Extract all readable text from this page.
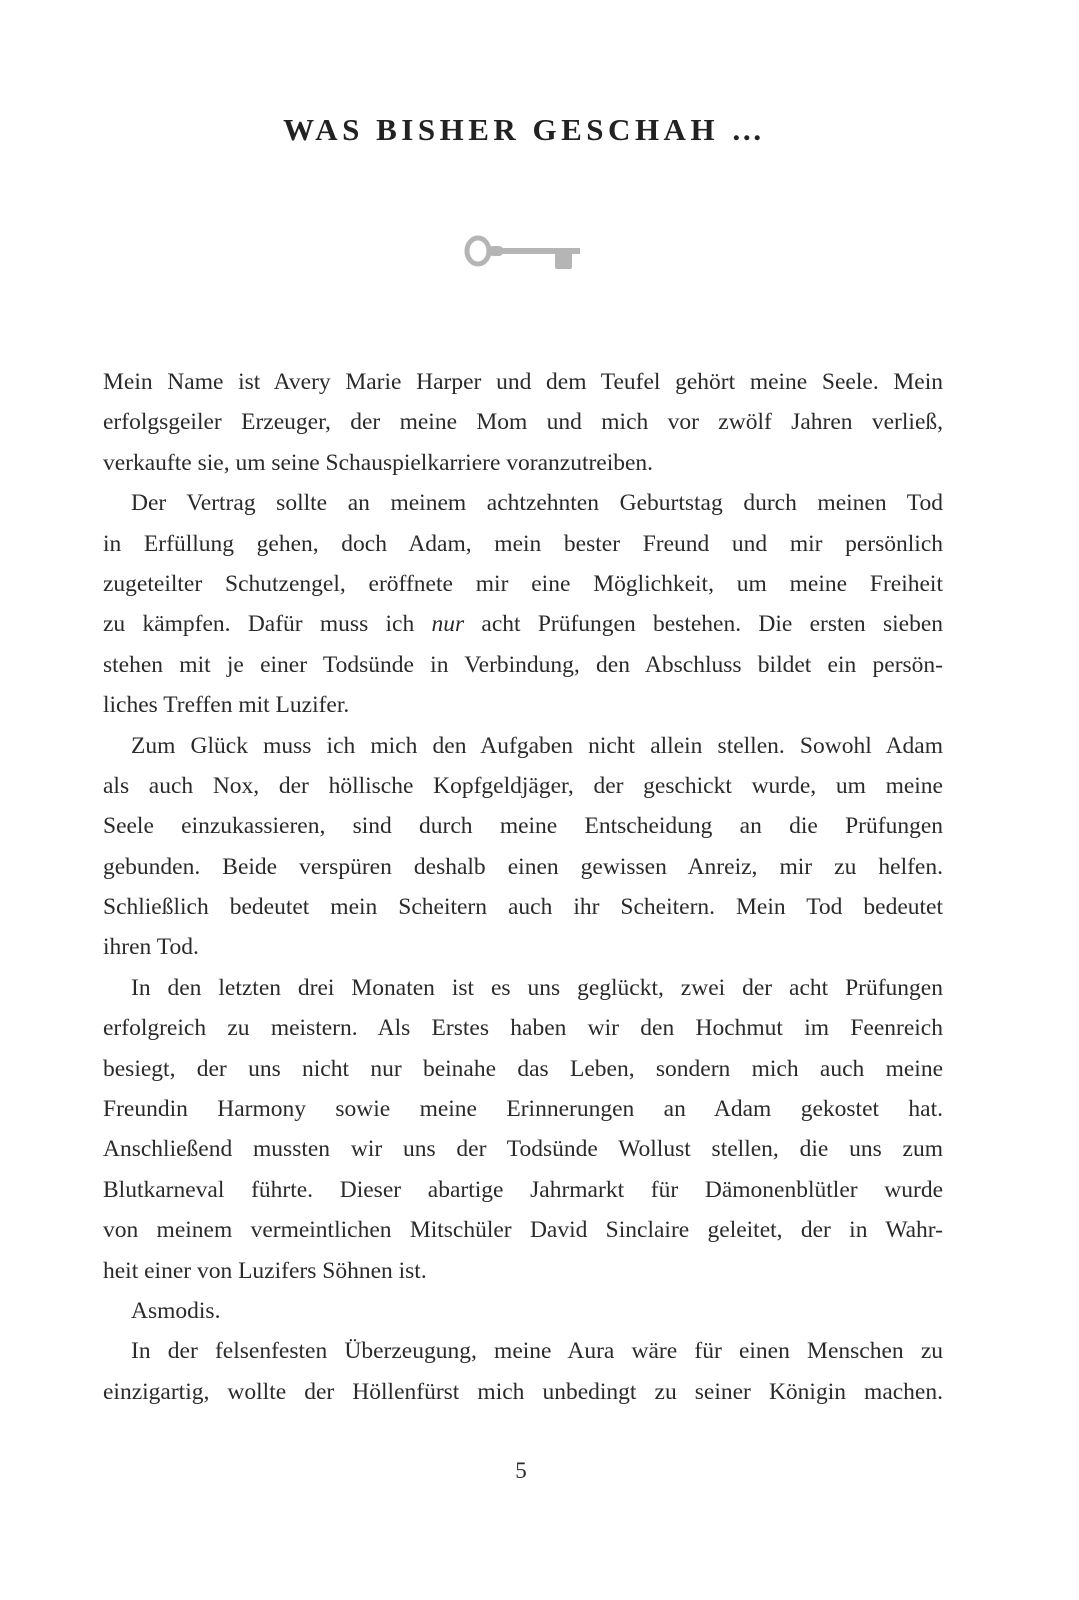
WAS BISHER GESCHAH …
Mein Name ist Avery Marie Harper und dem Teufel gehört meine Seele. Mein
erfolgsgeiler Erzeuger, der meine Mom und mich vor zwölf Jahren verließ,
verkaufte sie, um seine Schauspielkarriere voranzutreiben.
Der Vertrag sollte an meinem achtzehnten Geburtstag durch meinen Tod
in Erfüllung gehen, doch Adam, mein bester Freund und mir persönlich
zugeteilter Schutzengel, eröffnete mir eine Möglichkeit, um meine Freiheit
zu kämpfen. Dafür muss ich nur acht Prüfungen bestehen. Die ersten sieben
stehen mit je einer Todsünde in Verbindung, den Abschluss bildet ein persön-
liches Treffen mit Luzifer.
Zum Glück muss ich mich den Aufgaben nicht allein stellen. Sowohl Adam
als auch Nox, der höllische Kopfgeldjäger, der geschickt wurde, um meine
Seele einzukassieren, sind durch meine Entscheidung an die Prüfungen
gebunden. Beide verspüren deshalb einen gewissen Anreiz, mir zu helfen.
Schließlich bedeutet mein Scheitern auch ihr Scheitern. Mein Tod bedeutet
ihren Tod.
In den letzten drei Monaten ist es uns geglückt, zwei der acht Prüfungen
erfolgreich zu meistern. Als Erstes haben wir den Hochmut im Feenreich
besiegt, der uns nicht nur beinahe das Leben, sondern mich auch meine
Freundin Harmony sowie meine Erinnerungen an Adam gekostet hat.
Anschließend mussten wir uns der Todsünde Wollust stellen, die uns zum
Blutkarneval führte. Dieser abartige Jahrmarkt für Dämonenblütler wurde
von meinem vermeintlichen Mitschüler David Sinclaire geleitet, der in Wahr-
heit einer von Luzifers Söhnen ist.
Asmodis.
In der felsenfesten Überzeugung, meine Aura wäre für einen Menschen zu
einzigartig, wollte der Höllenfürst mich unbedingt zu seiner Königin machen.
5
